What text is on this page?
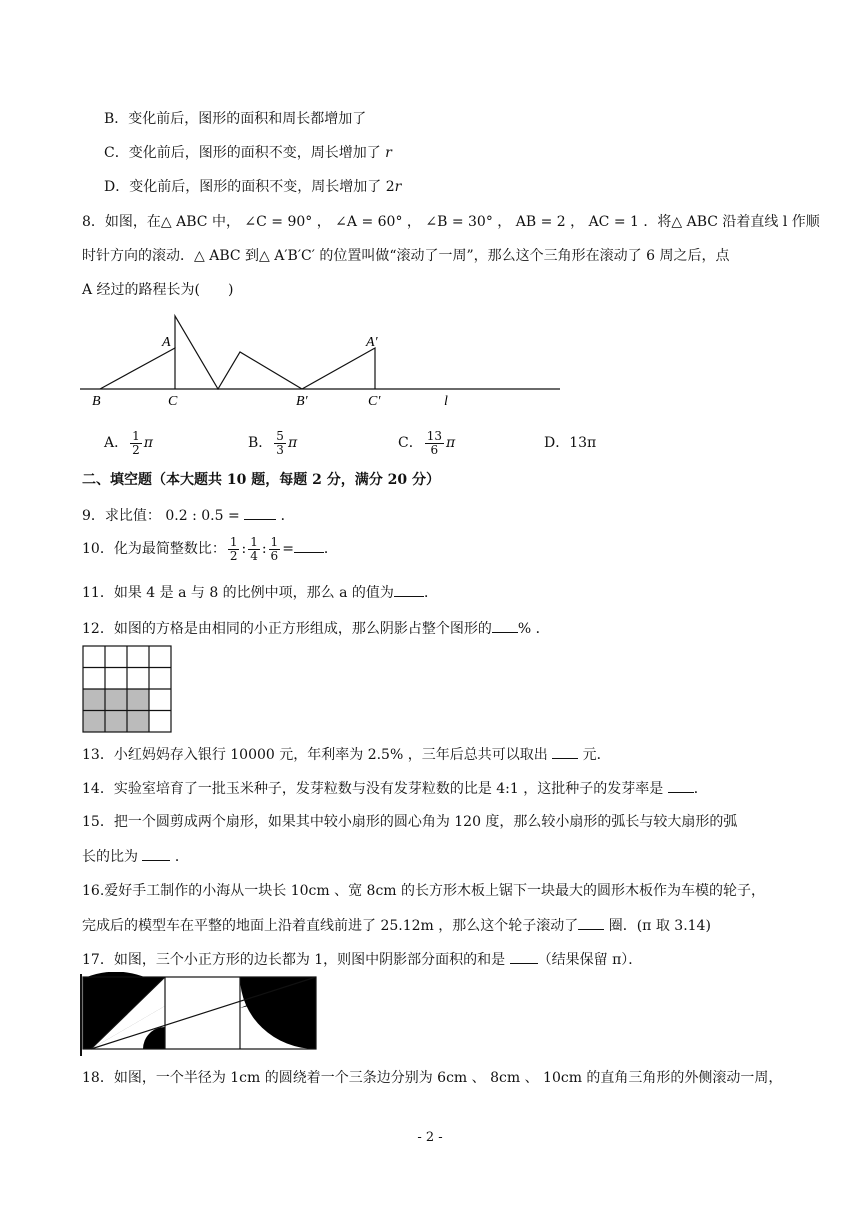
B．变化前后，图形的面积和周长都增加了
C．变化前后，图形的面积不变，周长增加了 r
D．变化前后，图形的面积不变，周长增加了 2r
8．如图，在△ ABC 中， ∠C = 90° ， ∠A = 60° ， ∠B = 30° ， AB = 2 ， AC = 1 ．将△ ABC 沿着直线 l 作顺
时针方向的滚动．△ ABC 到△ A′B′C′ 的位置叫做“滚动了一周”，那么这个三角形在滚动了 6 周之后，点
A 经过的路程长为(　　)
A
C
B
A′
B′	C′	l
A． $\frac{1}{2}$ π	B． $\frac{5}{3}$ π	C． $\frac{13}{6}$ π	D．13π
二、填空题（本大题共 10 题，每题 2 分，满分 20 分）
9．求比值： 0.2 : 0.5 =	．
10．化为最简整数比： $\frac{1}{2}$ : $\frac{1}{4}$ : $\frac{1}{6}$ = ．
11．如果 4 是 a 与 8 的比例中项，那么 a 的值为 ．
12．如图的方格是由相同的小正方形组成，那么阴影占整个图形的 % ．
13．小红妈妈存入银行 10000 元，年利率为 2.5% ，三年后总共可以取出 元．
14．实验室培育了一批玉米种子，发芽粒数与没有发芽粒数的比是 4:1 ，这批种子的发芽率是 ．
15．把一个圆剪成两个扇形，如果其中较小扇形的圆心角为 120 度，那么较小扇形的弧长与较大扇形的弧
长的比为	．
16.爱好手工制作的小海从一块长 10cm 、宽 8cm 的长方形木板上锯下一块最大的圆形木板作为车模的轮子，
完成后的模型车在平整的地面上沿着直线前进了 25.12m ，那么这个轮子滚动了 圈．(π 取 3.14)
17．如图，三个小正方形的边长都为 1，则图中阴影部分面积的和是 （结果保留 π）．
18．如图，一个半径为 1cm 的圆绕着一个三条边分别为 6cm 、 8cm 、 10cm 的直角三角形的外侧滚动一周，
- 2 -
